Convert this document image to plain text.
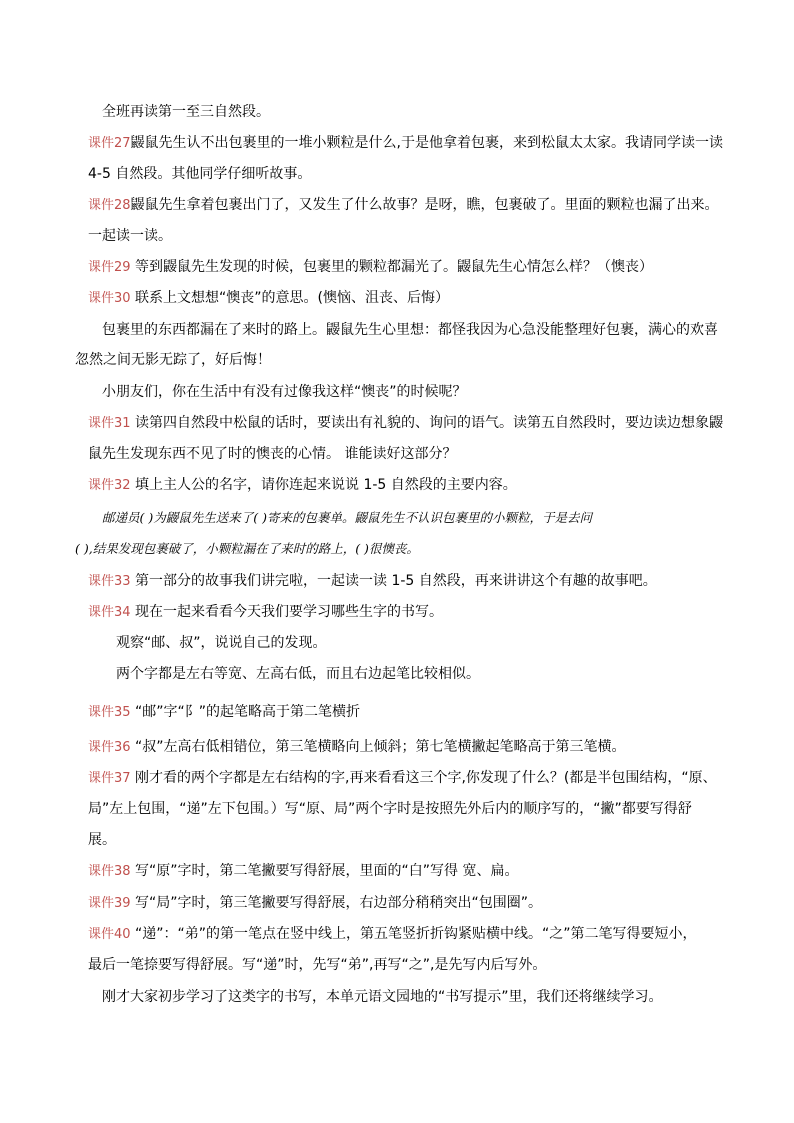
全班再读第一至三自然段。
课件27鼹鼠先生认不出包裹里的一堆小颗粒是什么,于是他拿着包裹，来到松鼠太太家。我请同学读一读
4-5 自然段。其他同学仔细听故事。
课件28鼹鼠先生拿着包裹出门了，又发生了什么故事？是呀，瞧，包裹破了。里面的颗粒也漏了出来。
一起读一读。
课件29 等到鼹鼠先生发现的时候，包裹里的颗粒都漏光了。鼹鼠先生心情怎么样？（懊丧）
课件30 联系上文想想“懊丧”的意思。(懊恼、沮丧、后悔）
包裹里的东西都漏在了来时的路上。鼹鼠先生心里想：都怪我因为心急没能整理好包裹，满心的欢喜
忽然之间无影无踪了，好后悔！
小朋友们，你在生活中有没有过像我这样“懊丧”的时候呢？
课件31 读第四自然段中松鼠的话时，要读出有礼貌的、询问的语气。读第五自然段时，要边读边想象鼹
鼠先生发现东西不见了时的懊丧的心情。 谁能读好这部分？
课件32 填上主人公的名字，请你连起来说说 1-5 自然段的主要内容。
邮递员( )为鼹鼠先生送来了( )寄来的包裹单。鼹鼠先生不认识包裹里的小颗粒，于是去问
( ),结果发现包裹破了，小颗粒漏在了来时的路上，( )很懊丧。
课件33 第一部分的故事我们讲完啦，一起读一读 1-5 自然段，再来讲讲这个有趣的故事吧。
课件34 现在一起来看看今天我们要学习哪些生字的书写。
观察“邮、叔”，说说自己的发现。
两个字都是左右等宽、左高右低，而且右边起笔比较相似。
课件35 “邮”字“阝”的起笔略高于第二笔横折
课件36 “叔”左高右低相错位，第三笔横略向上倾斜；第七笔横撇起笔略高于第三笔横。
课件37 刚才看的两个字都是左右结构的字,再来看看这三个字,你发现了什么？(都是半包围结构，“原、
局”左上包围，“递”左下包围。）写“原、局”两个字时是按照先外后内的顺序写的，“撇”都要写得舒
展。
课件38 写“原”字时，第二笔撇要写得舒展，里面的“白”写得 宽、扁。
课件39 写“局”字时，第三笔撇要写得舒展，右边部分稍稍突出“包围圈”。
课件40 “递”：“弟”的第一笔点在竖中线上，第五笔竖折折钩紧贴横中线。“之”第二笔写得要短小，
最后一笔捺要写得舒展。写“递”时，先写“弟”,再写“之”,是先写内后写外。
刚才大家初步学习了这类字的书写，本单元语文园地的“书写提示”里，我们还将继续学习。
